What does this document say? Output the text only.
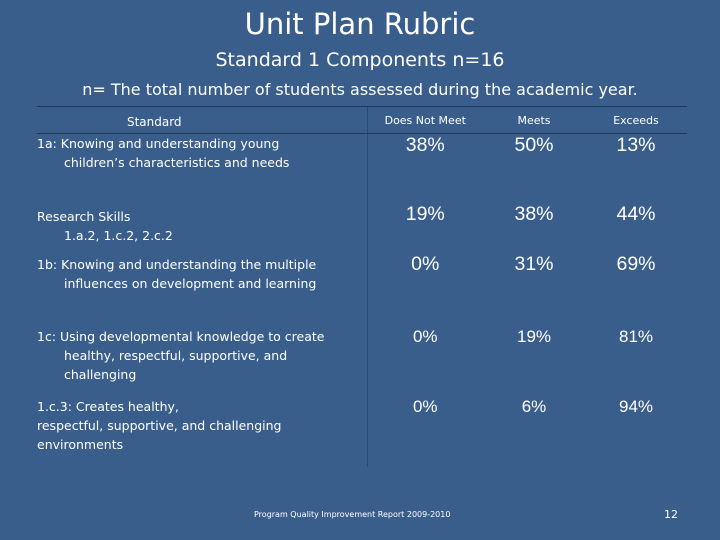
Unit Plan Rubric
Standard 1 Components n=16
n= The total number of students assessed during the academic year.
Standard	Does Not Meet	Meets	Exceeds
1a: Knowing and understanding young
children’s characteristics and needs	38%	50%	13%
Research Skills
1.a.2, 1.c.2, 2.c.2	19%	38%	44%
1b: Knowing and understanding the multiple
influences on development and learning	0%	31%	69%
1c: Using developmental knowledge to create
healthy, respectful, supportive, and
challenging	0%	19%	81%

1.c.3: Creates healthy,
respectful, supportive, and challenging
environments	0%	6%	94%
Program Quality Improvement Report 2009-2010	12
